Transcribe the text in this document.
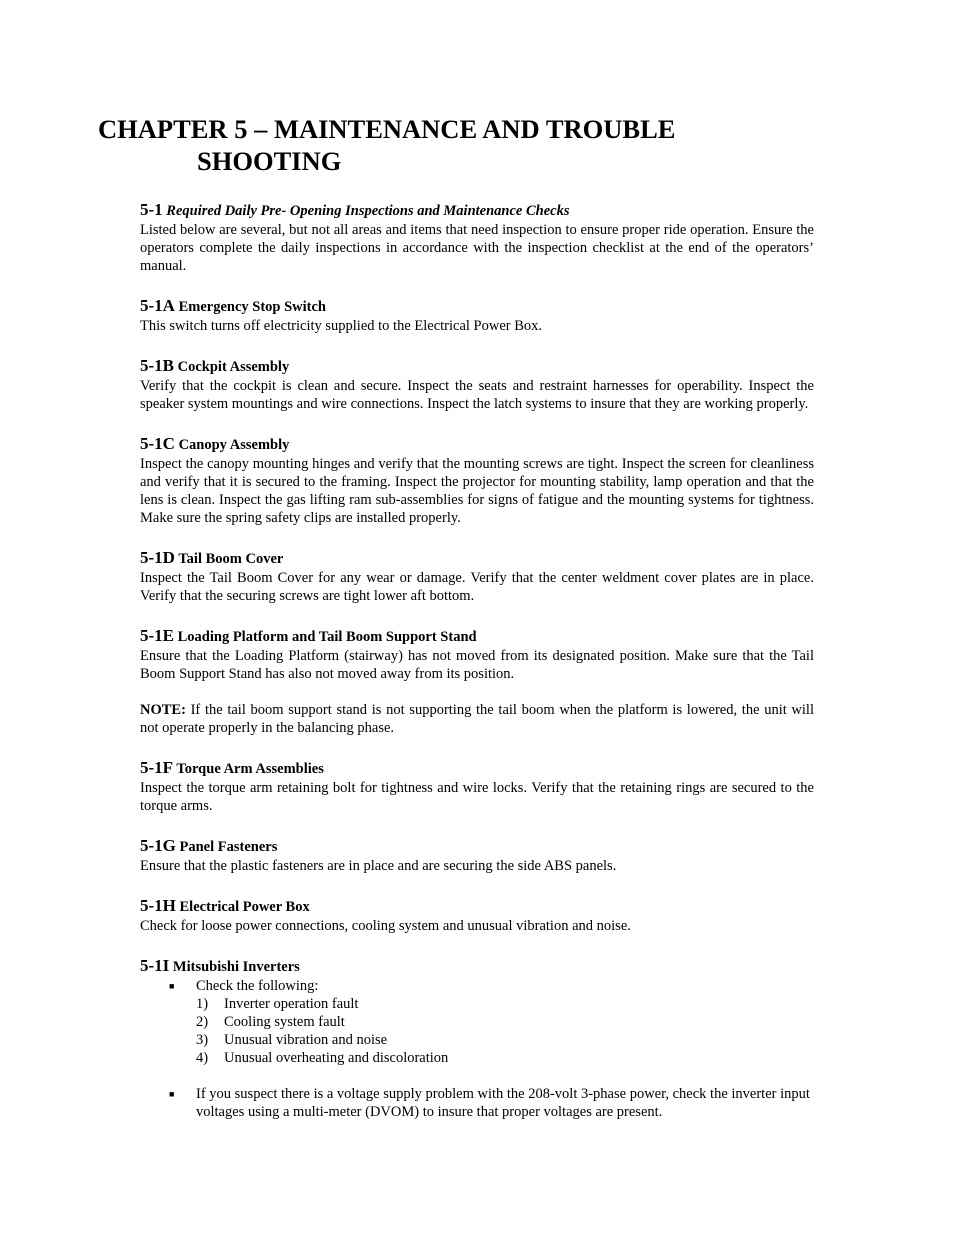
CHAPTER 5 – MAINTENANCE AND TROUBLE
SHOOTING
5-1 Required Daily Pre- Opening Inspections and Maintenance Checks

Listed below are several, but not all areas and items that need inspection to ensure proper ride operation. Ensure the operators complete the daily inspections in accordance with the inspection checklist at the end of the operators’ manual.

5-1A Emergency Stop Switch

This switch turns off electricity supplied to the Electrical Power Box.

5-1B Cockpit Assembly

Verify that the cockpit is clean and secure. Inspect the seats and restraint harnesses for operability. Inspect the speaker system mountings and wire connections. Inspect the latch systems to insure that they are working properly.

5-1C Canopy Assembly

Inspect the canopy mounting hinges and verify that the mounting screws are tight. Inspect the screen for cleanliness and verify that it is secured to the framing. Inspect the projector for mounting stability, lamp operation and that the lens is clean. Inspect the gas lifting ram sub-assemblies for signs of fatigue and the mounting systems for tightness. Make sure the spring safety clips are installed properly.

5-1D Tail Boom Cover

Inspect the Tail Boom Cover for any wear or damage. Verify that the center weldment cover plates are in place. Verify that the securing screws are tight lower aft bottom.

5-1E Loading Platform and Tail Boom Support Stand

Ensure that the Loading Platform (stairway) has not moved from its designated position. Make sure that the Tail Boom Support Stand has also not moved away from its position.

NOTE: If the tail boom support stand is not supporting the tail boom when the platform is lowered, the unit will not operate properly in the balancing phase.

5-1F Torque Arm Assemblies

Inspect the torque arm retaining bolt for tightness and wire locks. Verify that the retaining rings are secured to the torque arms.

5-1G Panel Fasteners

Ensure that the plastic fasteners are in place and are securing the side ABS panels.

5-1H Electrical Power Box

Check for loose power connections, cooling system and unusual vibration and noise.

5-1I Mitsubishi Inverters

■ Check the following:

1) Inverter operation fault
2) Cooling system fault
3) Unusual vibration and noise
4) Unusual overheating and discoloration

■ If you suspect there is a voltage supply problem with the 208-volt 3-phase power, check the inverter input voltages using a multi-meter (DVOM) to insure that proper voltages are present.
